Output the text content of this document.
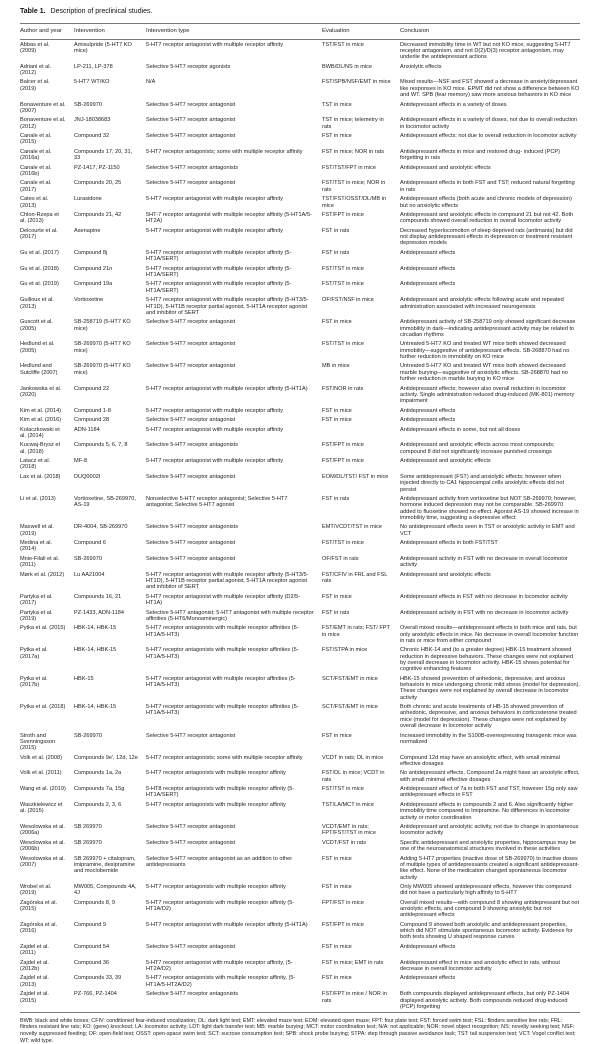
Table 1. Description of preclinical studies.
Author and year	Intervention	Intervention type	Evaluation	Conclusion
Abbas et al. (2009)	Amisulpride (5-HT7 KO mice)	5-HT7 receptor antagonist with multiple receptor affinity	TST/FST in mice	Decreased immobility time in WT but not KO mice, suggesting 5-HT7 receptor antagonism, and not D(2)/D(3) receptor antagonism, may underlie the antidepressant actions
Adriani et al. (2012)	LP-211, LP-378	Selective 5-HT7 receptor agonists	BWB/DL/NS in mice	Anxiolytic effects
Balcer et al. (2019)	5-HT7 WT/KO	N/A	FST/SPB/NSF/EMT in mice	Mixed results—NSF and FST showed a decrease in anxiety/depressant like responses in KO mice. EPMT did not show a difference between KO and WT. SPB (fear memory) saw more anxious behaviors in KO mice
Bonaventure et al. (2007)	SB-269970	Selective 5-HT7 receptor antagonist	TST in mice	Antidepressant effects in a variety of doses
Bonaventure et al. (2012)	JNJ-18038683	Selective 5-HT7 receptor antagonist	TST in mice; telemetry in rats	Antidepressant effects in a variety of doses, not due to overall reduction in locomotor activity
Canale et al. (2015)	Compound 32	Selective 5-HT7 receptor antagonist	FST in mice	Antidepressant effects; not due to overall reduction in locomotor activity
Canale et al. (2016a)	Compounds 17, 20, 31, 33	5-HT7 receptor antagonists; some with multiple receptor affinity	FST in mice; NOR in rats	Antidepressant effects in mice and restored drug- induced (PCP) forgetting in rats
Canale et al. (2016b)	PZ-1417, PZ-1150	Selective 5-HT7 receptor antagonists	FST/TST/FPT in mice	Antidepressant and anxiolytic effects
Canale et al. (2017)	Compounds 20, 25	Selective 5-HT7 receptor antagonist	FST/TST in mice; NOR in rats	Antidepressant effects in both FST and TST; reduced natural forgetting in rats
Cates et al. (2013)	Lurasidone	5-HT7 receptor antagonist with multiple receptor affinity	TST/FST/OSST/DL/MB in mice	Antidepressant effects (both acute and chronic models of depression) but no anxiolytic effects
Chlon-Rzepa et al. (2013)	Compounds 21, 42	5HT-7 receptor antagonist with multiple receptor affinity (5-HT1A/5-HT2A)	FST/FPT in mice	Antidepressant and anxiolytic effects in compound 21 but not 42. Both compounds showed overall reduction in overall locomotor activity
Delcourte et al. (2017)	Asenapine	5-HT7 receptor antagonist with multiple receptor affinity	FST in rats	Decreased hyperlocomotion of sleep deprived rats (antimania) but did not display antidepressant effects in depression or treatment resistant depression models
Gu et al. (2017)	Compound 8j	5-HT7 receptor antagonist with multiple receptor affinity (5-HT1A/SERT)	FST in rats	Antidepressant effects
Gu et al. (2018)	Compound 21n	5-HT7 receptor antagonist with multiple receptor affinity (5-HT1A/SERT)	FST/TST in mice	Antidepressant effects
Gu et al. (2019)	Compound 19a	5-HT7 receptor antagonist with multiple receptor affinity (5-HT1A/SERT)	FST/TST in mice	Antidepressant effects
Guilloux et al. (2013)	Vortioxetine	5-HT7 receptor antagonist with multiple receptor affinity (5-HT3/5-HT1D), 5-HT1B receptor partial agonist, 5-HT1A receptor agonist and inhibitor of SERT	OF/FST/NSF in mice	Antidepressant and anxiolytic effects following acute and repeated administration associated with increased neurogenesis
Guscott et al. (2005)	SB-258719 (5-HT7 KO mice)	Selective 5-HT7 receptor antagonist	FST in mice	Antidepressant activity of SB-258719 only showed significant decrease immobility in dark—indicating antidepressant activity may be related to circadian rhythms
Hedlund et al. (2005)	SB-269970 (5-HT7 KO mice)	Selective 5-HT7 receptor antagonist	FST/TST in mice	Untreated 5-HT7 KO and treated WT mice both showed decreased immobility—suggestive of antidepressant effects. SB-268870 had no further reduction in immobility on KO mice
Hedlund and Sutcliffe (2007)	SB-269970 (5-HT7 KO mice)	Selective 5-HT7 receptor antagonist	MB in mice	Untreated 5-HT7 KO and treated WT mice both showed decreased marble burying—suggestive of anxiolytic effects. SB-268870 had no further reduction in marble burying in KO mice
Jankowska et al. (2020)	Compound 22	5-HT7 receptor antagonist with multiple receptor affinity (5-HT1A)	FST/NOR in rats	Antidepressant effects; however also overall reduction in locomotor activity. Single administration reduced drug-induced (MK-801) memory impairment
Kim et al. (2014)	Compound 1-8	5-HT7 receptor antagonist with multiple receptor affinity	FST in mice	Antidepressant effects
Kim et al. (2016)	Compound 28	Selective 5-HT7 receptor antagonist	FST in mice	Antidepressant effects
Kolaczkowski et al. (2014)	ADN-1184	5-HT7 receptor antagonist with multiple receptor affinity		Antidepressant effects in some, but not all doses
Kucwaj-Brysz et al. (2018)	Compounds 5, 6, 7, 8	Selective 5-HT7 receptor antagonists	FST/FPT in mice	Antidepressant and anxiolytic effects across most compounds; compound 8 did not significantly increase punished crossings
Latacz et al. (2018)	MF-8	5-HT7 receptor antagonist with multiple receptor affinity	FST/FPT in mice	Antidepressant and anxiolytic effects
Lax et al. (2018)	DUQ0002I	Selective 5-HT7 receptor antagonist	EOM/DL/TST/ FST in mice	Some antidepressant (FST) and anxiolytic effects; however when injected directly to CA1 hippocampal cells anxiolytic effects did not persist
Li et al. (2013)	Vortioxetine, SB-269970, AS-19	Nonselective 5-HT7 receptor antagonist; Selective 5-HT7 antagonist; Selective 5-HT7 agonist	FST in rats	Antidepressant activity from vortioxetine but NOT SB-269970; however, hormone induced depression may not be comparable. SB-269970 added to fluoxetine showed no effect. Agonist AS-19 showed increase in immobility time, suggesting a depressive effect
Maxwell et al. (2019)	DR-4004, SB-269970	Selective 5-HT7 receptor antagonists	EMT/VCDT/TST in mice	No antidepressant effects seen in TST or anxiolytic activity in EMT and VCT
Medina et al. (2014)	Compound 6	Selective 5-HT7 receptor antagonist	FST/TST in mice	Antidepressant effects in both FST/TST
Mnie-Filali et al. (2011)	SB-269970	Selective 5-HT7 receptor antagonist	OF/FST in rats	Antidepressant activity in FST with no decrease in overall locomotor activity
Mørk et al. (2012)	Lu AA21004	5-HT7 receptor antagonist with multiple receptor affinity (5-HT3/5-HT1D), 5-HT1B receptor partial agonist, 5-HT1A receptor agonist and inhibitor of SERT	FST/CFIV in FRL and FSL rats	Antidepressant and anxiolytic effects
Partyka et al. (2017)	Compounds 16, 21	5-HT7 receptor antagonist with multiple receptor affinity (D2/5-HT1A)	FST in mice	Antidepressant effects in FST with no decrease in locomotor activity
Partyka et al. (2019)	PZ-1433, ADN-1184	Selective 5-HT7 antagonist; 5-HT7 antagonist with multiple receptor affinities (5-HT6/Monoaminergic)	FST in rats	Antidepressant activity in FST with no decrease in locomotor activity
Pytka et al. (2015)	HBK-14, HBK-15	5-HT7 receptor antagonists with multiple receptor affinities (5-HT1A/5-HT3)	FST/EMT in rats; FST/ FPT in mice	Overall mixed results—antidepressant effects in both mice and rats, but only anxiolytic effects in mice. No decrease in overall locomotor function in rats or mice from either compound
Pytka et al. (2017a)	HBK-14, HBK-15	5-HT7 receptor antagonists with multiple receptor affinities (5-HT1A/5-HT3)	FST/STPA in mice	Chronic HBK-14 and (to a greater degree) HBK-15 treatment showed reduction in depressive behaviors. These changes were not explained by overall decrease in locomotor activity. HBK-15 shows potential for cognitive enhancing features
Pytka et al. (2017b)	HBK-15	5-HT7 receptor antagonist with multiple receptor affinities (5-HT1A/5-HT3)	SCT/FST/EMT in mice	HBK-15 showed prevention of anhedonic, depressive, and anxious behaviors in mice undergoing chronic mild stress (model for depression). These changes were not explained by overall decrease in locomotor activity
Pytka et al. (2018)	HBK-14, HBK-15	5-HT7 receptor antagonists with multiple receptor affinities (5-HT1A/5-HT3)	SCT/FST/EMT in mice	Both chronic and acute treatments of HB-15 showed prevention of anhedonic, depressive, and anxious behaviors in corticosterone treated mice (model for depression). These changes were not explained by overall decrease in locomotor activity
Stroth and Svenningsson (2015)	SB-269970	Selective 5-HT7 receptor antagonist	FST in mice	Increased immobility in the S100B-overexpressing transgenic mice was normalized
Volk et al. (2008)	Compounds 9e', 12d, 12e	5-HT7 receptor antagonists; some with multiple receptor affinity	VCDT in rats; DL in mice	Compound 12d may have an anxiolytic effect, with small minimal effective dosages
Volk et al. (2011)	Compounds 1a, 2a	5-HT7 receptor antagonists with multiple receptor affinity	FST/DL in mice; VCDT in rats	No antidepressant effects, Compound 2a might have an anxiolytic effect, with small minimal effective dosages
Wang et al. (2019)	Compounds 7a, 15g	5-HT8 receptor antagonists with multiple receptor affinity (5-HT1A/SERT)	FST/TST in mice	Antidepressant effect of 7a in both FST and TST, however 15g only saw antidepressant effects in FST
Waszkielewicz et al. (2015)	Compounds 2, 3, 6	5-HT7 receptor antagonists with multiple receptor affinity	TST/LA/MCT in mice	Antidepressant effects in compounds 2 and 6. Also significantly higher immobility time compared to Imipramine. No differences in locomotor activity or motor coordination
Wesolowska et al. (2006a)	SB 269970	Selective 5-HT7 receptor antagonist	VCDT/EMT in rats; FPT/FST/TST in mice	Antidepressant and anxiolytic activity, not due to change in spontaneous locomotor activity
Wesolowska et al. (2006b)	SB 269970	Selective 5-HT7 receptor antagonist	VCDT/FST in rats	Specific antidepressant and anxiolytic properties, hippocampus may be one of the neuroanatomical structures involved in these activities
Wesolowska et al. (2007)	SB 269970 + citalopram, imipramine, desipramine and moclobemide	Selective 5-HT7 receptor antagonist as an addition to other antidepressants	FST in mice	Adding 5-HT7 properties (inactive dose of SB-269970) to inactive doses of multiple types of antidepressants created a significant antidepressant-like effect. None of the medication changed spontaneous locomotor activity
Wrobel et al. (2019)	MW005, Compounds 4A, 4J	5-HT7 receptor antagonists with multiple receptor affinity	FST in mice	Only MW005 showed antidepressant effects, however this compound did not have a particularly high affinity to 5-HT7
Zagórska et al. (2015)	Compounds 8, 9	5-HT7 receptor antagonists with multiple receptor affinity (5-HT1A/D2)	FPT/FST in mice	Overall mixed results—with compound 8 showing antidepressant but not anxiolytic effects, and compound 9 showing anxiolytic but not antidepressant effects
Zagórska et al. (2016)	Compound 9	5-HT7 receptor antagonist with multiple receptor affinity (5-HT1A)	FST/FPT in mice	Compound 9 showed both anxiolytic and antidepressant properties, which did NOT stimulate spontaneous locomotor activity. Evidence for both tests showing U shaped response curves
Zajdel et al. (2011)	Compound 54	Selective 5-HT7 receptor antagonist	FST in mice	Antidepressant effects
Zajdel et al. (2012b)	Compound 36	5-HT7 receptor antagonist with multiple receptor affinity, (5-HT2A/D2)	FST in mice; EMT in rats	Antidepressant effect in mice and anxiolytic effect in rats, without decrease in overall locomotor activity
Zajdel et al. (2013)	Compounds 33, 39	5-HT7 receptor antagonists with multiple receptor affinity, (5-HT1A/5-HT2A/D2)	FST in mice	Antidepressant effects
Zajdel et al. (2015)	PZ-766, PZ-1404	Selective 5-HT7 receptor antagonists	FST/FPT in mice / NOR in rats	Both compounds displayed antidepressant effects, but only PZ-1404 displayed anxiolytic activity. Both compounds reduced drug-induced (PCP) forgetting
BWB: black and white boxes; CFIV: conditioned fear-induced vocalization; DL: dark light test; EMT: elevated maze test; EOM: elevated open maze; FPT: four plate test; FST: forced swim test; FSL: flinders sensitive line rats; FRL: flinders resistant line rats; KO: (gene) knockout; LA: locomotor activity; LDT: light dark transfer test; MB: marble burying; MCT: motor coordination test; N/A: not applicable; NOR: novel object recognition; NS: novelty seeking test; NSF: novelty suppressed feeding; OF: open-field test; OSST: open-space swim test; SCT: sucrose consumption test; SPB: shock probe burying; STPA: step through passive avoidance task; TST: tail suspension test; VCT: Vogel conflict test; WT: wild type.
